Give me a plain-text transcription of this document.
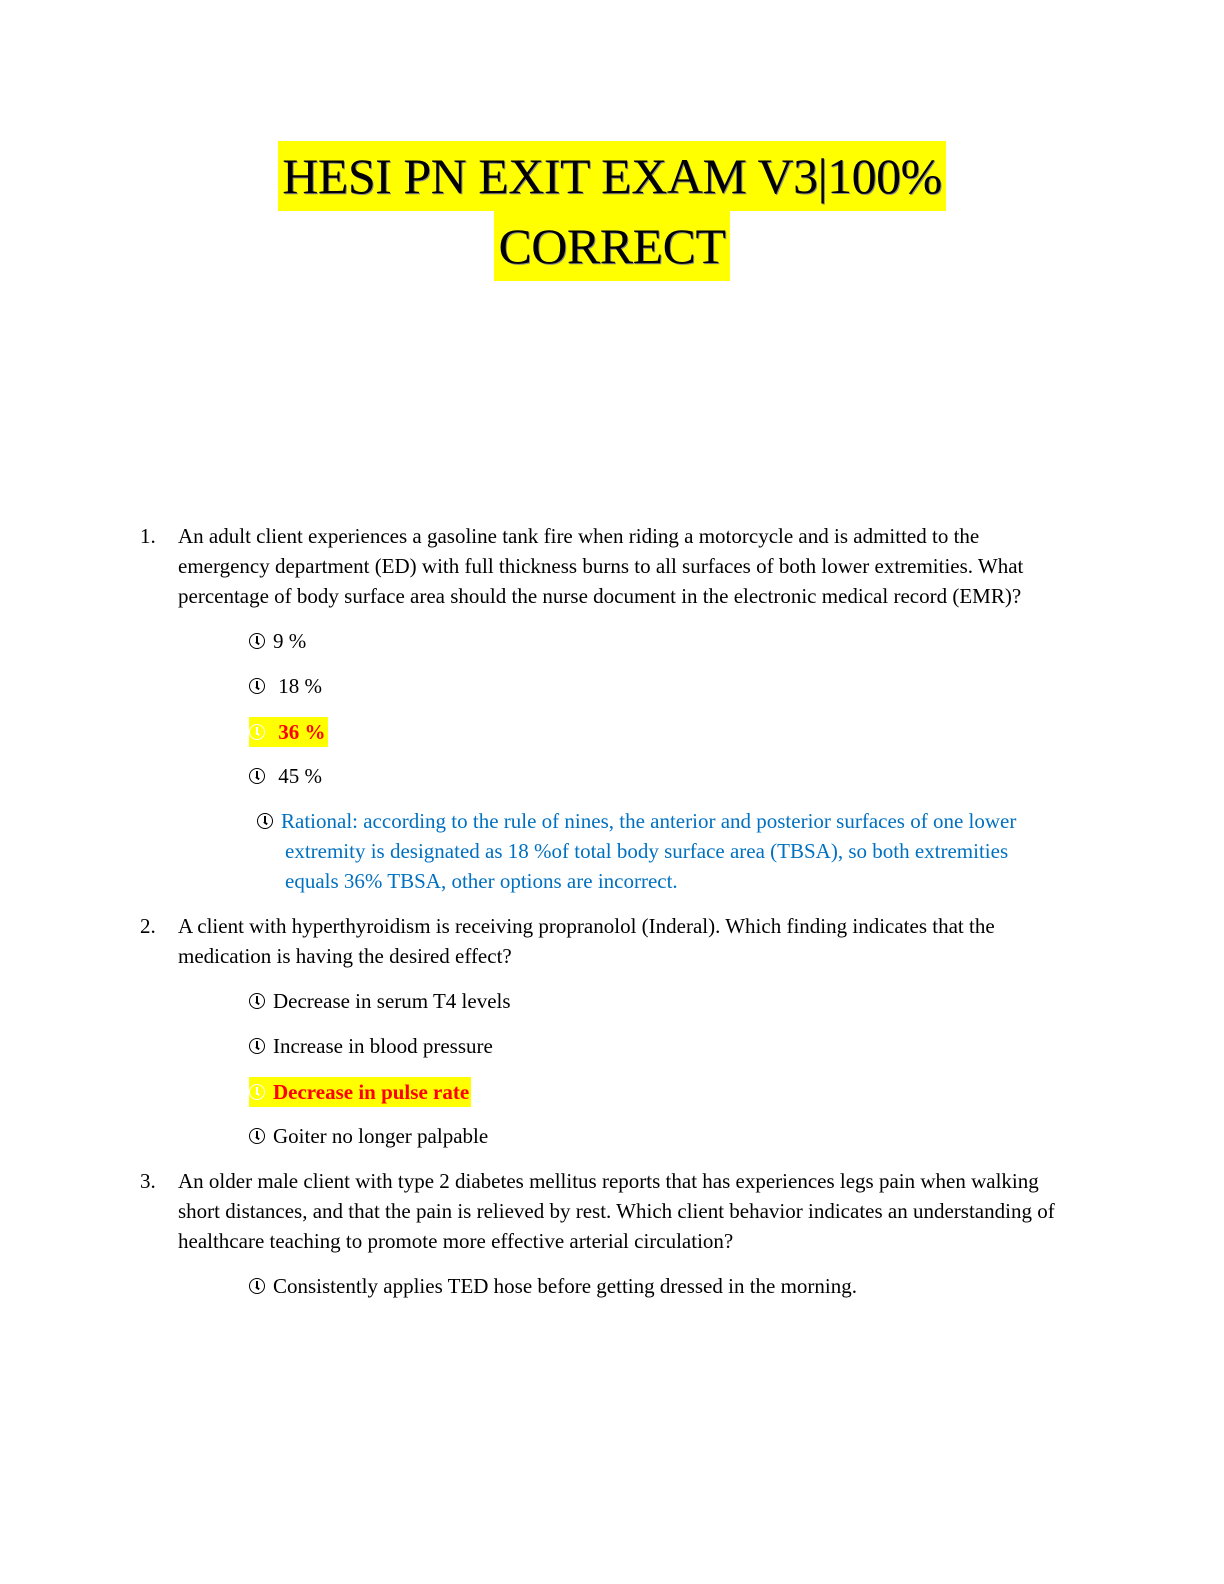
HESI PN EXIT EXAM V3|100%
CORRECT
1. An adult client experiences a gasoline tank fire when riding a motorcycle and is admitted to the emergency department (ED) with full thickness burns to all surfaces of both lower extremities. What percentage of body surface area should the nurse document in the electronic medical record (EMR)?

9 %
18 %
36 %
45 %
Rational: according to the rule of nines, the anterior and posterior surfaces of one lower extremity is designated as 18 %of total body surface area (TBSA), so both extremities equals 36% TBSA, other options are incorrect.
2. A client with hyperthyroidism is receiving propranolol (Inderal). Which finding indicates that the medication is having the desired effect?

Decrease in serum T4 levels
Increase in blood pressure
Decrease in pulse rate
Goiter no longer palpable
3. An older male client with type 2 diabetes mellitus reports that has experiences legs pain when walking short distances, and that the pain is relieved by rest. Which client behavior indicates an understanding of healthcare teaching to promote more effective arterial circulation?

Consistently applies TED hose before getting dressed in the morning.
